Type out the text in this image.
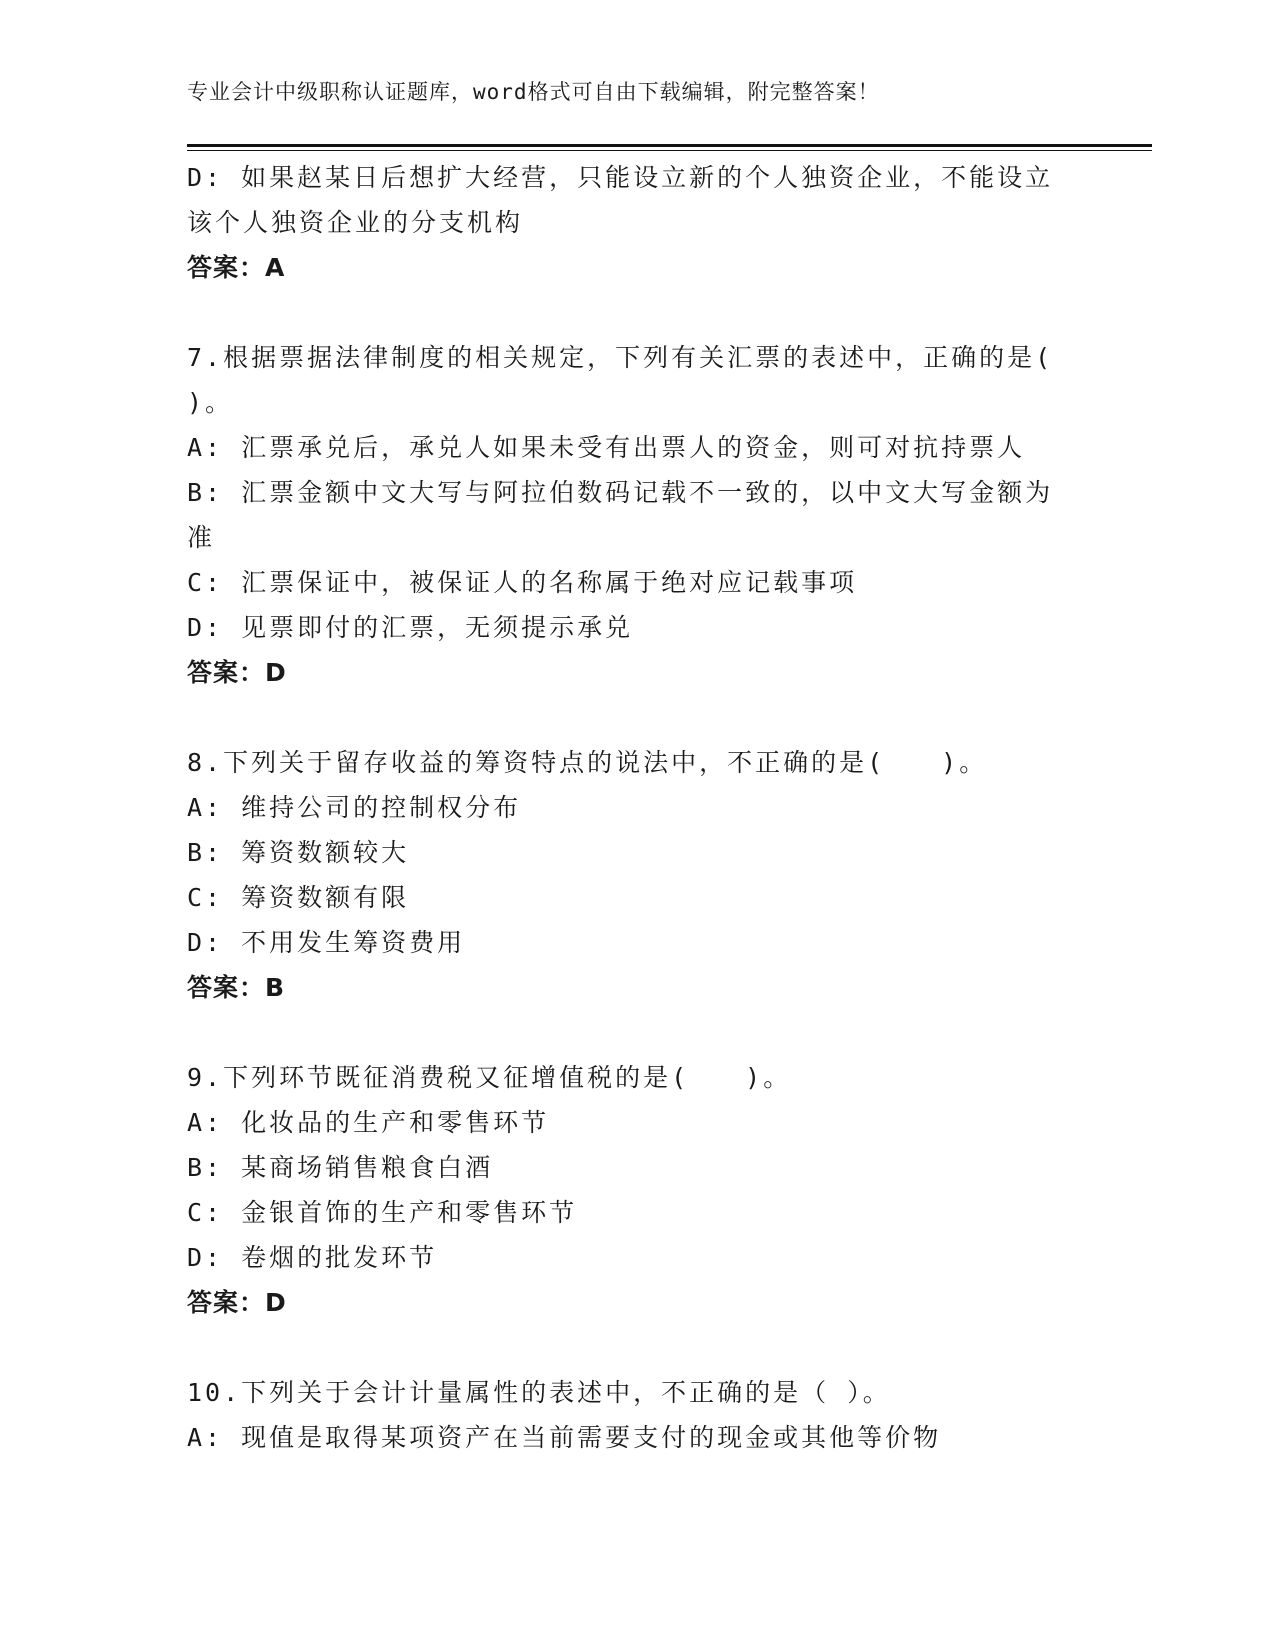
专业会计中级职称认证题库，word格式可自由下载编辑，附完整答案！
D: 如果赵某日后想扩大经营，只能设立新的个人独资企业，不能设立
该个人独资企业的分支机构
答案：A
7.根据票据法律制度的相关规定，下列有关汇票的表述中，正确的是(
)。
A: 汇票承兑后，承兑人如果未受有出票人的资金，则可对抗持票人
B: 汇票金额中文大写与阿拉伯数码记载不一致的，以中文大写金额为
准
C: 汇票保证中，被保证人的名称属于绝对应记载事项
D: 见票即付的汇票，无须提示承兑
答案：D
8.下列关于留存收益的筹资特点的说法中，不正确的是(　　)。
A: 维持公司的控制权分布
B: 筹资数额较大
C: 筹资数额有限
D: 不用发生筹资费用
答案：B
9.下列环节既征消费税又征增值税的是(　　)。
A: 化妆品的生产和零售环节
B: 某商场销售粮食白酒
C: 金银首饰的生产和零售环节
D: 卷烟的批发环节
答案：D
10.下列关于会计计量属性的表述中，不正确的是（ ）。
A: 现值是取得某项资产在当前需要支付的现金或其他等价物
